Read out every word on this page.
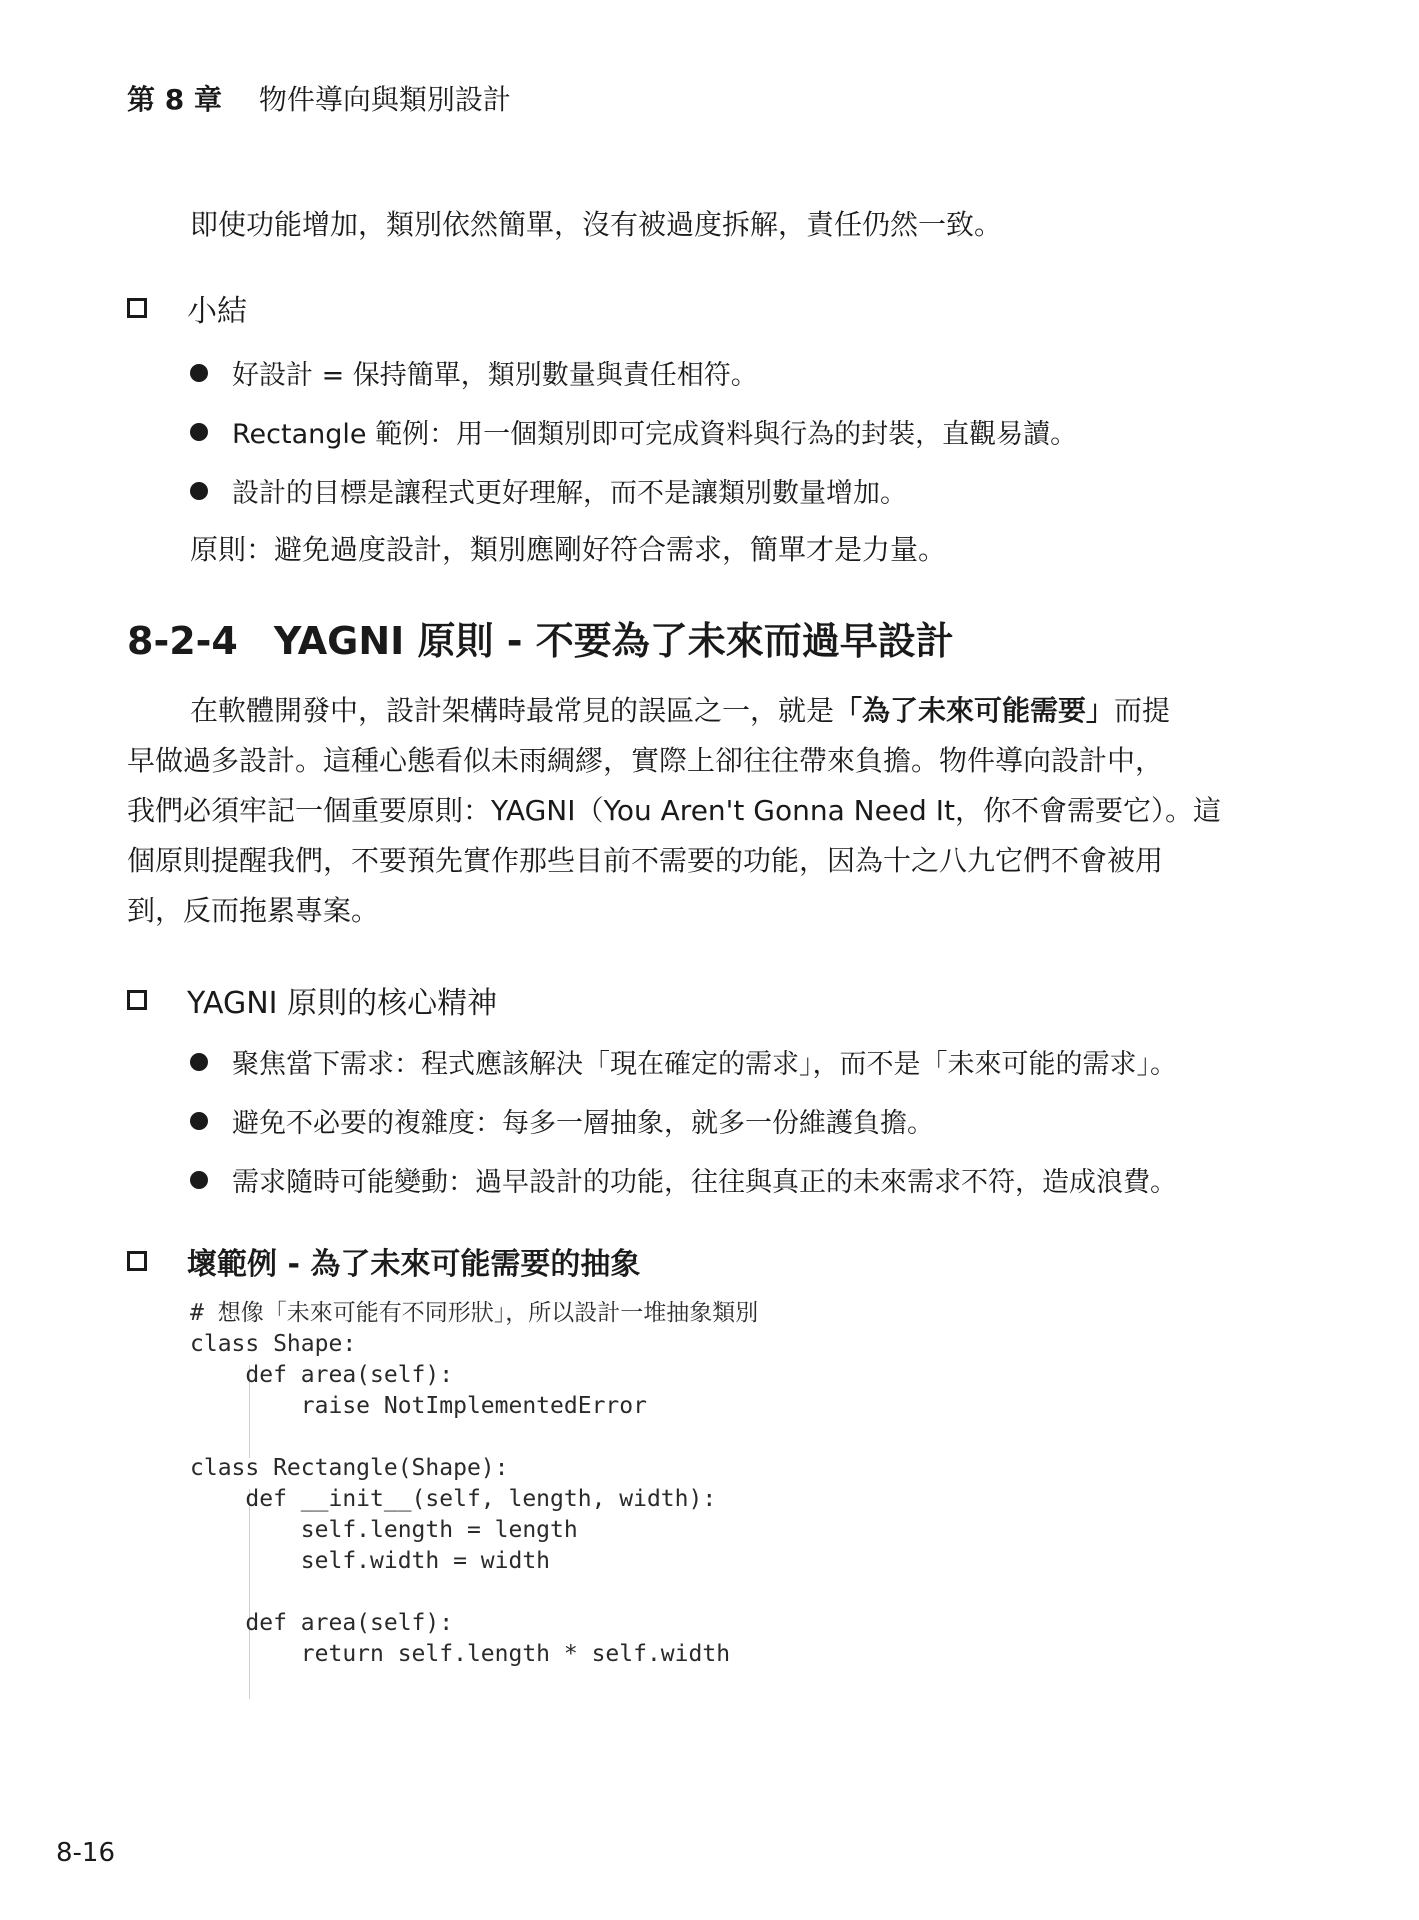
第 8 章 物件導向與類別設計
即使功能增加，類別依然簡單，沒有被過度拆解，責任仍然一致。
小結
好設計 = 保持簡單，類別數量與責任相符。
Rectangle 範例：用一個類別即可完成資料與行為的封裝，直觀易讀。
設計的目標是讓程式更好理解，而不是讓類別數量增加。
原則：避免過度設計，類別應剛好符合需求，簡單才是力量。
8-2-4 YAGNI 原則 - 不要為了未來而過早設計
在軟體開發中，設計架構時最常見的誤區之一，就是「為了未來可能需要」而提
早做過多設計。這種心態看似未雨綢繆，實際上卻往往帶來負擔。物件導向設計中，
我們必須牢記一個重要原則：YAGNI（You Aren't Gonna Need It，你不會需要它）。這
個原則提醒我們，不要預先實作那些目前不需要的功能，因為十之八九它們不會被用
到，反而拖累專案。
YAGNI 原則的核心精神
聚焦當下需求：程式應該解決「現在確定的需求」，而不是「未來可能的需求」。
避免不必要的複雜度：每多一層抽象，就多一份維護負擔。
需求隨時可能變動：過早設計的功能，往往與真正的未來需求不符，造成浪費。
壞範例 - 為了未來可能需要的抽象
# 想像「未來可能有不同形狀」，所以設計一堆抽象類別
class Shape:
def area(self):
raise NotImplementedError
class Rectangle(Shape):
def __init__(self, length, width):
self.length = length
self.width = width
def area(self):
return self.length * self.width
8-16
